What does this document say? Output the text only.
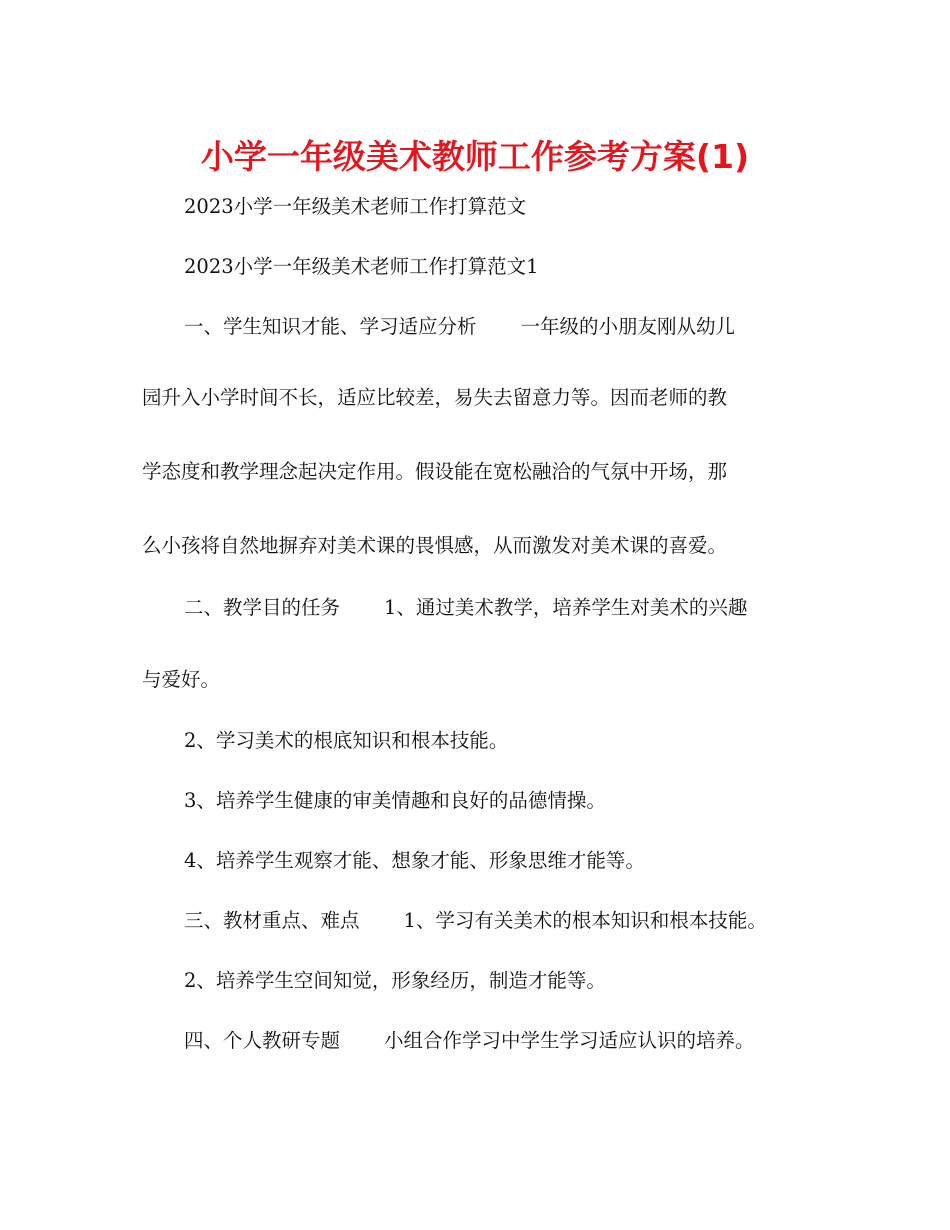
小学一年级美术教师工作参考方案(1)
2023小学一年级美术老师工作打算范文
2023小学一年级美术老师工作打算范文1
一、学生知识才能、学习适应分析 一年级的小朋友刚从幼儿
园升入小学时间不长，适应比较差，易失去留意力等。因而老师的教
学态度和教学理念起决定作用。假设能在宽松融洽的气氛中开场，那
么小孩将自然地摒弃对美术课的畏惧感，从而激发对美术课的喜爱。
二、教学目的任务 1、通过美术教学，培养学生对美术的兴趣
与爱好。
2、学习美术的根底知识和根本技能。
3、培养学生健康的审美情趣和良好的品德情操。
4、培养学生观察才能、想象才能、形象思维才能等。
三、教材重点、难点 1、学习有关美术的根本知识和根本技能。
2、培养学生空间知觉，形象经历，制造才能等。
四、个人教研专题 小组合作学习中学生学习适应认识的培养。
